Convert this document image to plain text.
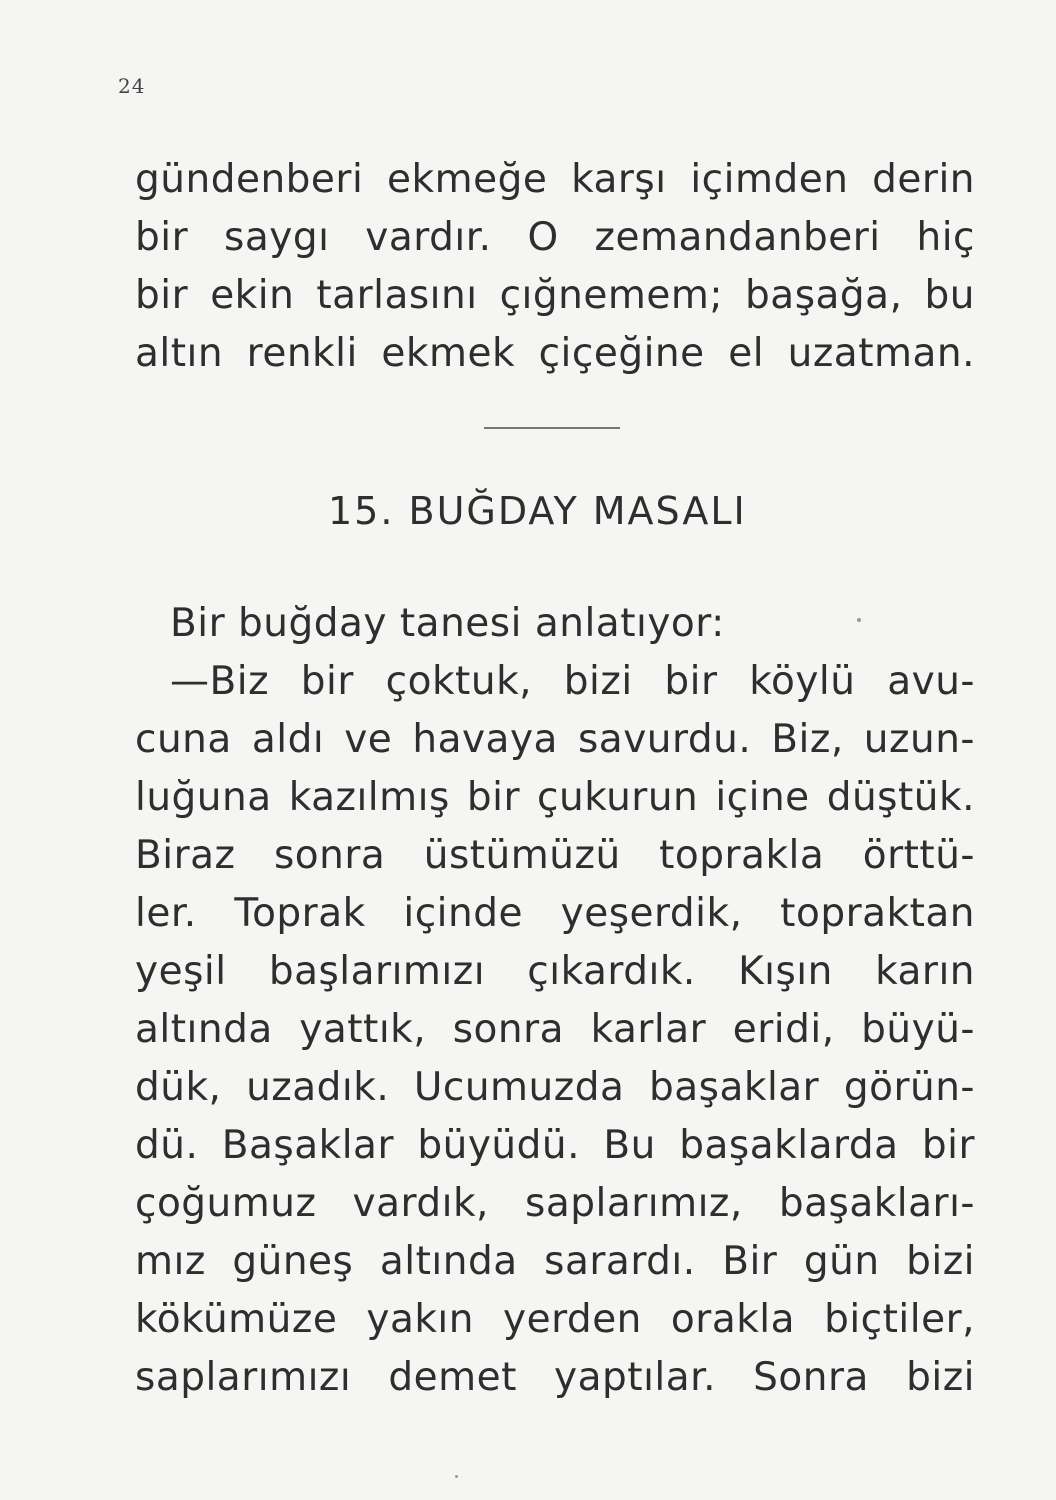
24
gündenberi ekmeğe karşı içimden derin
bir saygı vardır. O zemandanberi hiç
bir ekin tarlasını çığnemem; başağa, bu
altın renkli ekmek çiçeğine el uzatman.
15. BUĞDAY MASALI
Bir buğday tanesi anlatıyor:
—Biz bir çoktuk, bizi bir köylü avu-
cuna aldı ve havaya savurdu. Biz, uzun-
luğuna kazılmış bir çukurun içine düştük.
Biraz sonra üstümüzü toprakla örttü-
ler. Toprak içinde yeşerdik, topraktan
yeşil başlarımızı çıkardık. Kışın karın
altında yattık, sonra karlar eridi, büyü-
dük, uzadık. Ucumuzda başaklar görün-
dü. Başaklar büyüdü. Bu başaklarda bir
çoğumuz vardık, saplarımız, başakları-
mız güneş altında sarardı. Bir gün bizi
kökümüze yakın yerden orakla biçtiler,
saplarımızı demet yaptılar. Sonra bizi
